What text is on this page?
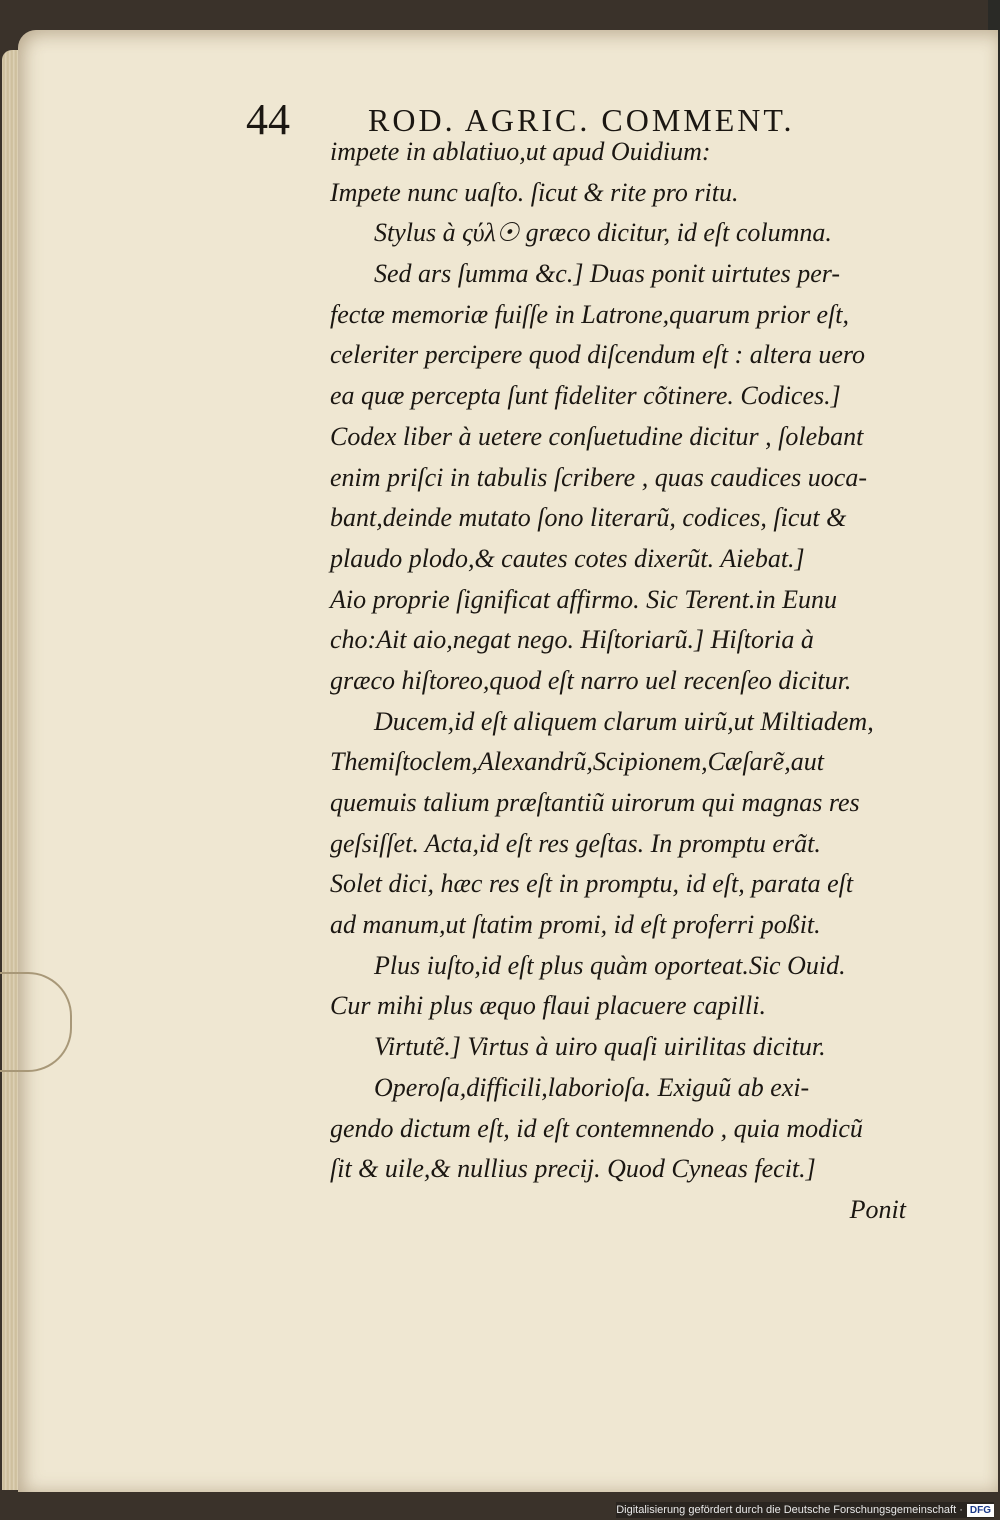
44 ROD. AGRIC. COMMENT.
impete in ablatiuo,ut apud Ouidium:
Impete nunc uaſto. ſicut & rite pro ritu.
Stylus à ςύλ☉ græco dicitur, id eſt columna.
Sed ars ſumma &c.] Duas ponit uirtutes per-
fectæ memoriæ fuiſſe in Latrone,quarum prior eſt,
celeriter percipere quod diſcendum eſt : altera uero
ea quæ percepta ſunt fideliter cõtinere. Codices.]
Codex liber à uetere conſuetudine dicitur , ſolebant
enim priſci in tabulis ſcribere , quas caudices uoca-
bant,deinde mutato ſono literarũ, codices, ſicut &
plaudo plodo,& cautes cotes dixerũt. Aiebat.]
Aio proprie ſignificat affirmo. Sic Terent.in Eunu
cho:Ait aio,negat nego. Hiſtoriarũ.] Hiſtoria à
græco hiſtoreo,quod eſt narro uel recenſeo dicitur.
Ducem,id eſt aliquem clarum uirũ,ut Miltiadem,
Themiſtoclem,Alexandrũ,Scipionem,Cæſarẽ,aut
quemuis talium præſtantiũ uirorum qui magnas res
geſsiſſet. Acta,id eſt res geſtas. In promptu erãt.
Solet dici, hæc res eſt in promptu, id eſt, parata eſt
ad manum,ut ſtatim promi, id eſt proferri poßit.
Plus iuſto,id eſt plus quàm oporteat.Sic Ouid.
Cur mihi plus æquo flaui placuere capilli.
Virtutẽ.] Virtus à uiro quaſi uirilitas dicitur.
Operoſa,difficili,laborioſa. Exiguũ ab exi-
gendo dictum eſt, id eſt contemnendo , quia modicũ
ſit & uile,& nullius precij. Quod Cyneas fecit.]
Ponit
Digitalisierung gefördert durch die Deutsche Forschungsgemeinschaft · DFG
